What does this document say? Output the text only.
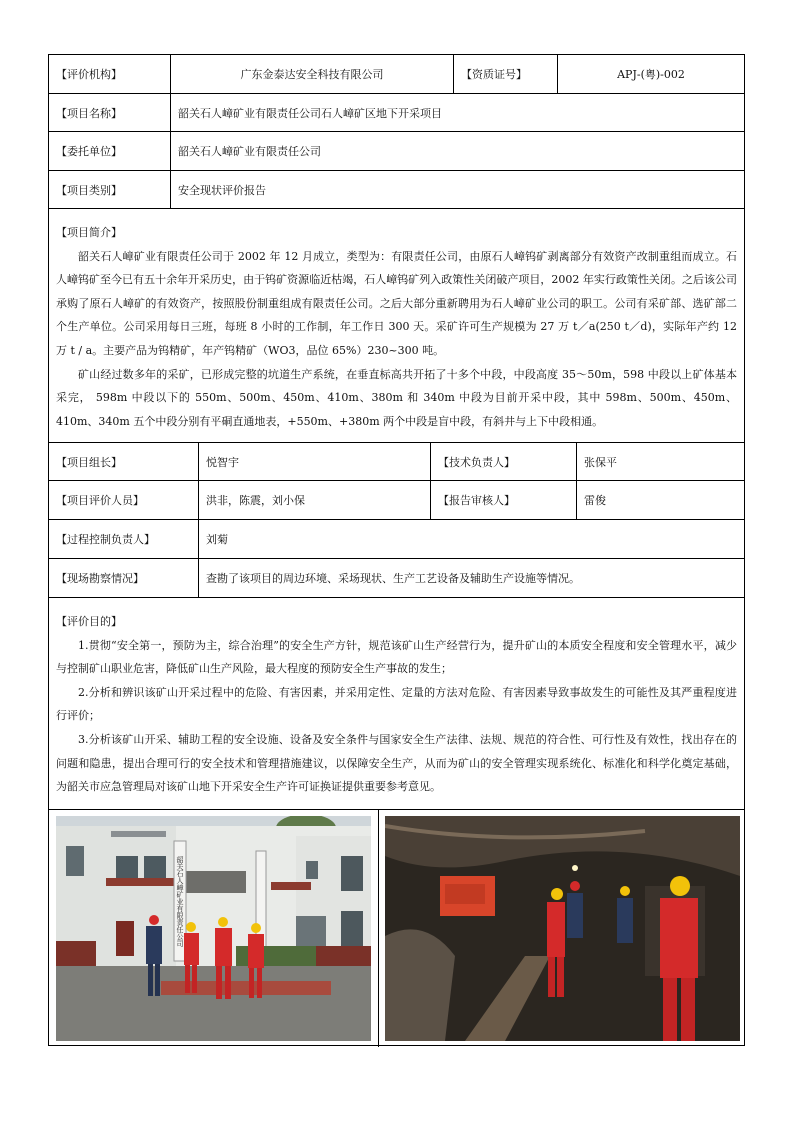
【评价机构】	广东金泰达安全科技有限公司	【资质证号】	APJ-(粤)-002
【项目名称】	韶关石人嶂矿业有限责任公司石人嶂矿区地下开采项目
【委托单位】	韶关石人嶂矿业有限责任公司
【项目类别】	安全现状评价报告

【项目简介】

韶关石人嶂矿业有限责任公司于 2002 年 12 月成立，类型为：有限责任公司，由原石人嶂钨矿剥离部分有效资产改制重组而成立。石人嶂钨矿至今已有五十余年开采历史，由于钨矿资源临近枯竭，石人嶂钨矿列入政策性关闭破产项目，2002 年实行政策性关闭。之后该公司承购了原石人嶂矿的有效资产，按照股份制重组成有限责任公司。之后大部分重新聘用为石人嶂矿业公司的职工。公司有采矿部、选矿部二个生产单位。公司采用每日三班，每班 8 小时的工作制，年工作日 300 天。采矿许可生产规模为 27 万 t／a(250 t／d)，实际年产约 12 万 t / a。主要产品为钨精矿，年产钨精矿（WO3，品位 65%）230~300 吨。

矿山经过数多年的采矿，已形成完整的坑道生产系统，在垂直标高共开拓了十多个中段，中段高度 35～50m，598 中段以上矿体基本采完， 598m 中段以下的 550m、500m、450m、410m、380m 和 340m 中段为目前开采中段，其中 598m、500m、450m、410m、340m 五个中段分别有平硐直通地表，+550m、+380m 两个中段是盲中段，有斜井与上下中段相通。

【项目组长】	悦智宇	【技术负责人】	张保平
【项目评价人员】	洪非，陈震，刘小保	【报告审核人】	雷俊
【过程控制负责人】	刘菊
【现场勘察情况】	查勘了该项目的周边环境、采场现状、生产工艺设备及辅助生产设施等情况。

【评价目的】

1.贯彻“安全第一，预防为主，综合治理”的安全生产方针，规范该矿山生产经营行为，提升矿山的本质安全程度和安全管理水平，减少与控制矿山职业危害，降低矿山生产风险，最大程度的预防安全生产事故的发生；

2.分析和辨识该矿山开采过程中的危险、有害因素，并采用定性、定量的方法对危险、有害因素导致事故发生的可能性及其严重程度进行评价；

3.分析该矿山开采、辅助工程的安全设施、设备及安全条件与国家安全生产法律、法规、规范的符合性、可行性及有效性，找出存在的问题和隐患，提出合理可行的安全技术和管理措施建议，以保障安全生产，从而为矿山的安全管理实现系统化、标准化和科学化奠定基础，为韶关市应急管理局对该矿山地下开采安全生产许可证换证提供重要参考意见。

韶关石人嶂矿业有限责任公司
